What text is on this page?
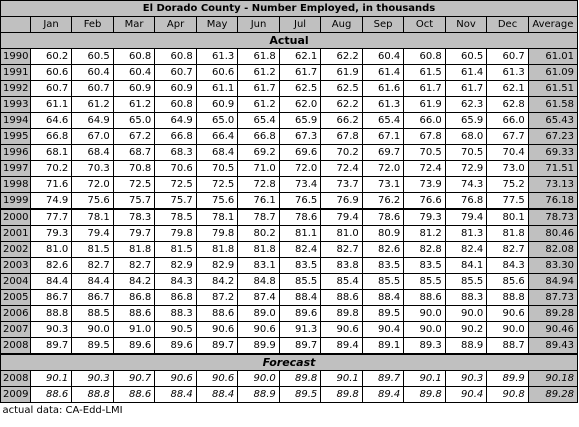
El Dorado County - Number Employed, in thousands													
	Jan	Feb	Mar	Apr	May	Jun	Jul	Aug	Sep	Oct	Nov	Dec	Average
Actual													
1990	60.2	60.5	60.8	60.8	61.3	61.8	62.1	62.2	60.4	60.8	60.5	60.7	61.01
1991	60.6	60.4	60.4	60.7	60.6	61.2	61.7	61.9	61.4	61.5	61.4	61.3	61.09
1992	60.7	60.7	60.9	60.9	61.1	61.7	62.5	62.5	61.6	61.7	61.7	62.1	61.51
1993	61.1	61.2	61.2	60.8	60.9	61.2	62.0	62.2	61.3	61.9	62.3	62.8	61.58
1994	64.6	64.9	65.0	64.9	65.0	65.4	65.9	66.2	65.4	66.0	65.9	66.0	65.43
1995	66.8	67.0	67.2	66.8	66.4	66.8	67.3	67.8	67.1	67.8	68.0	67.7	67.23
1996	68.1	68.4	68.7	68.3	68.4	69.2	69.6	70.2	69.7	70.5	70.5	70.4	69.33
1997	70.2	70.3	70.8	70.6	70.5	71.0	72.0	72.4	72.0	72.4	72.9	73.0	71.51
1998	71.6	72.0	72.5	72.5	72.5	72.8	73.4	73.7	73.1	73.9	74.3	75.2	73.13
1999	74.9	75.6	75.7	75.7	75.6	76.1	76.5	76.9	76.2	76.6	76.8	77.5	76.18
2000	77.7	78.1	78.3	78.5	78.1	78.7	78.6	79.4	78.6	79.3	79.4	80.1	78.73
2001	79.3	79.4	79.7	79.8	79.8	80.2	81.1	81.0	80.9	81.2	81.3	81.8	80.46
2002	81.0	81.5	81.8	81.5	81.8	81.8	82.4	82.7	82.6	82.8	82.4	82.7	82.08
2003	82.6	82.7	82.7	82.9	82.9	83.1	83.5	83.8	83.5	83.5	84.1	84.3	83.30
2004	84.4	84.4	84.2	84.3	84.2	84.8	85.5	85.4	85.5	85.5	85.5	85.6	84.94
2005	86.7	86.7	86.8	86.8	87.2	87.4	88.4	88.6	88.4	88.6	88.3	88.8	87.73
2006	88.8	88.5	88.6	88.3	88.6	89.0	89.6	89.8	89.5	90.0	90.0	90.6	89.28
2007	90.3	90.0	91.0	90.5	90.6	90.6	91.3	90.6	90.4	90.0	90.2	90.0	90.46
2008	89.7	89.5	89.6	89.6	89.7	89.9	89.7	89.4	89.1	89.3	88.9	88.7	89.43
Forecast													
2008	90.1	90.3	90.7	90.6	90.6	90.0	89.8	90.1	89.7	90.1	90.3	89.9	90.18
2009	88.6	88.8	88.6	88.4	88.4	88.9	89.5	89.8	89.4	89.8	90.4	90.8	89.28
actual data: CA-Edd-LMI													
